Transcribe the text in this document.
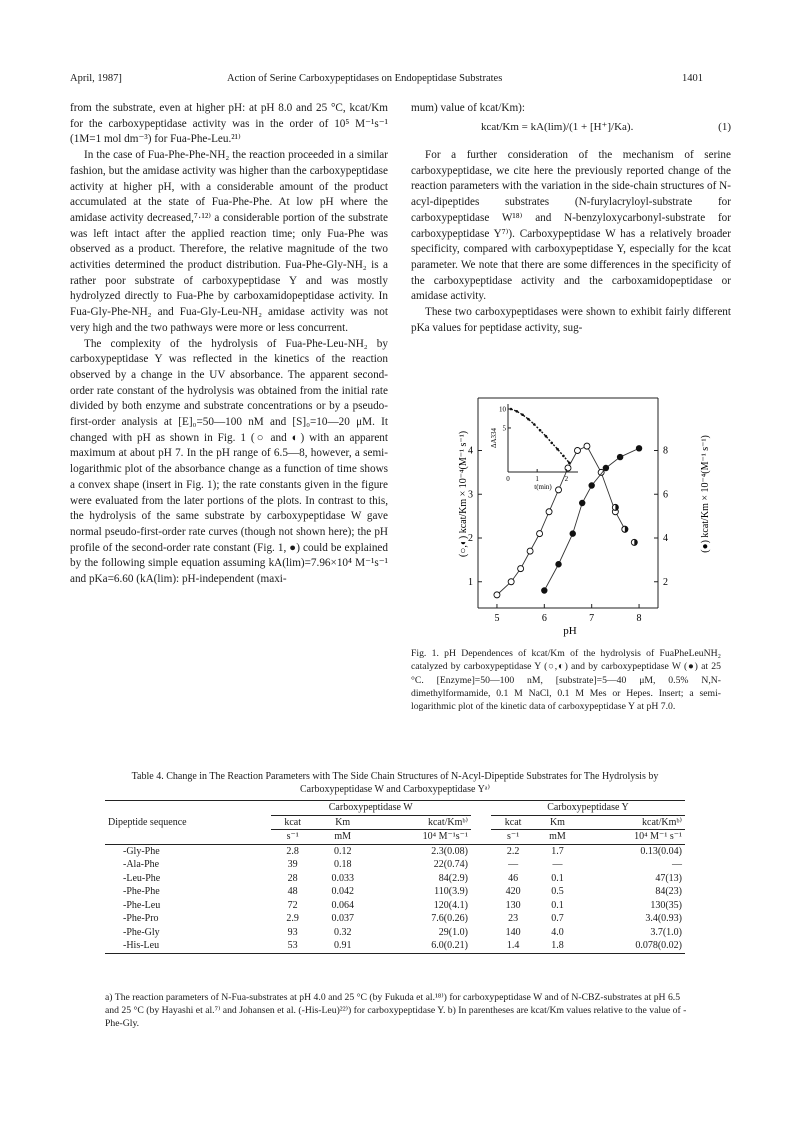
April, 1987]	Action of Serine Carboxypeptidases on Endopeptidase Substrates	1401

from the substrate, even at higher pH: at pH 8.0 and 25 °C, kcat/Km for the carboxypeptidase activity was in the order of 10⁵ M⁻¹s⁻¹ (1M=1 mol dm⁻³) for Fua-Phe-Leu.²¹⁾

In the case of Fua-Phe-Phe-NH₂ the reaction proceeded in a similar fashion, but the amidase activity was higher than the carboxypeptidase activity at higher pH, with a considerable amount of the product accumulated at the state of Fua-Phe-Phe. At low pH where the amidase activity decreased,⁷·¹²⁾ a considerable portion of the substrate was left intact after the applied reaction time; only Fua-Phe was observed as a product. Therefore, the relative magnitude of the two activities determined the product distribution. Fua-Phe-Gly-NH₂ is a rather poor substrate of carboxypeptidase Y and was mostly hydrolyzed directly to Fua-Phe by carboxamidopeptidase activity. In Fua-Gly-Phe-NH₂ and Fua-Gly-Leu-NH₂ amidase activity was not very high and the two pathways were more or less concurrent.

The complexity of the hydrolysis of Fua-Phe-Leu-NH₂ by carboxypeptidase Y was reflected in the kinetics of the reaction observed by a change in the UV absorbance. The apparent second-order rate constant of the hydrolysis was obtained from the initial rate divided by both enzyme and substrate concentrations or by a pseudo-first-order analysis at [E]₀=50—100 nM and [S]₀=10—20 μM. It changed with pH as shown in Fig. 1 (○ and ◐) with an apparent maximum at about pH 7. In the pH range of 6.5—8, however, a semi-logarithmic plot of the absorbance change as a function of time shows a convex shape (insert in Fig. 1); the rate constants given in the figure were evaluated from the later portions of the plots. In contrast to this, the hydrolysis of the same substrate by carboxypeptidase W gave normal pseudo-first-order rate curves (though not shown here); the pH profile of the second-order rate constant (Fig. 1, ●) could be explained by the following simple equation assuming kA(lim)=7.96×10⁴ M⁻¹s⁻¹ and pKa=6.60 (kA(lim): pH-independent (maxi-

mum) value of kcat/Km):

kcat/Km = kA(lim)/(1 + [H⁺]/Ka).	(1)

For a further consideration of the mechanism of serine carboxypeptidase, we cite here the previously reported change of the reaction parameters with the variation in the side-chain structures of N-acyl-dipeptides substrates (N-furylacryloyl-substrate for carboxypeptidase W¹⁸⁾ and N-benzyloxycarbonyl-substrate for carboxypeptidase Y⁷⁾). Carboxypeptidase W has a relatively broader specificity, compared with carboxypeptidase Y, especially for the kcat parameter. We note that there are some differences in the specificity of the carboxypeptidase activity and the carboxamidopeptidase or amidase activity.

These two carboxypeptidases were shown to exhibit fairly different pKa values for peptidase activity, sug-

5	6	7	8
1
2
3
4
2
4
6
8
0	1	2
5
10
t(min)
ΔA334
pH
(○,◐) kcat/Km × 10⁻⁴(M⁻¹ s⁻¹)	(●) kcat/Km × 10⁻⁴(M⁻¹ s⁻¹)
Fig. 1. pH Dependences of kcat/Km of the hydrolysis of FuaPheLeuNH₂ catalyzed by carboxypeptidase Y (○,◐) and by carboxypeptidase W (●) at 25 °C. [Enzyme]=50—100 nM, [substrate]=5—40 μM, 0.5% N,N-dimethylformamide, 0.1 M NaCl, 0.1 M Mes or Hepes. Insert; a semi-logarithmic plot of the kinetic data of carboxypeptidase Y at pH 7.0.
Table 4. Change in The Reaction Parameters with The Side Chain Structures of N-Acyl-Dipeptide Substrates for The Hydrolysis by Carboxypeptidase W and Carboxypeptidase Yᵃ⁾
Dipeptide sequence	Carboxypeptidase W				Carboxypeptidase Y		
	kcat	Km	kcat/Kmᵇ⁾		kcat	Km	kcat/Kmᵇ⁾
	s⁻¹	mM	10⁴ M⁻¹s⁻¹		s⁻¹	mM	10⁴ M⁻¹ s⁻¹
-Gly-Phe	2.8	0.12	2.3(0.08)		2.2	1.7	0.13(0.04)
-Ala-Phe	39	0.18	22(0.74)		—	—	—
-Leu-Phe	28	0.033	84(2.9)		46	0.1	47(13)
-Phe-Phe	48	0.042	110(3.9)		420	0.5	84(23)
-Phe-Leu	72	0.064	120(4.1)		130	0.1	130(35)
-Phe-Pro	2.9	0.037	7.6(0.26)		23	0.7	3.4(0.93)
-Phe-Gly	93	0.32	29(1.0)		140	4.0	3.7(1.0)
-His-Leu	53	0.91	6.0(0.21)		1.4	1.8	0.078(0.02)
a) The reaction parameters of N-Fua-substrates at pH 4.0 and 25 °C (by Fukuda et al.¹⁸⁾) for carboxypeptidase W and of N-CBZ-substrates at pH 6.5 and 25 °C (by Hayashi et al.⁷⁾ and Johansen et al. (-His-Leu)²²⁾) for carboxypeptidase Y. b) In parentheses are kcat/Km values relative to the value of -Phe-Gly.
